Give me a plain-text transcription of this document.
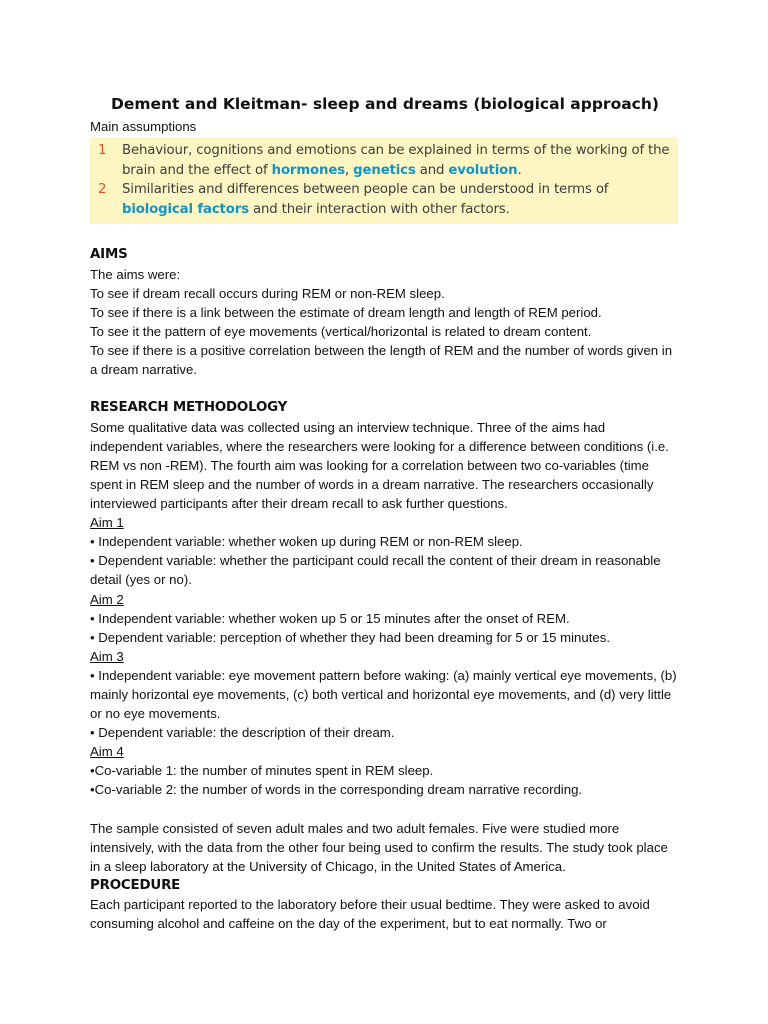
Dement and Kleitman- sleep and dreams (biological approach)

Main assumptions

1	Behaviour, cognitions and emotions can be explained in terms of the working of the brain and the effect of hormones, genetics and evolution.
2	Similarities and differences between people can be understood in terms of biological factors and their interaction with other factors.
AIMS

The aims were:

To see if dream recall occurs during REM or non-REM sleep.

To see if there is a link between the estimate of dream length and length of REM period.

To see it the pattern of eye movements (vertical/horizontal is related to dream content.

To see if there is a positive correlation between the length of REM and the number of words given in a dream narrative.

RESEARCH METHODOLOGY

Some qualitative data was collected using an interview technique. Three of the aims had independent variables, where the researchers were looking for a difference between conditions (i.e. REM vs non -REM). The fourth aim was looking for a correlation between two co-variables (time spent in REM sleep and the number of words in a dream narrative. The researchers occasionally interviewed participants after their dream recall to ask further questions.

Aim 1

• Independent variable: whether woken up during REM or non-REM sleep.

• Dependent variable: whether the participant could recall the content of their dream in reasonable detail (yes or no).

Aim 2

• Independent variable: whether woken up 5 or 15 minutes after the onset of REM.

• Dependent variable: perception of whether they had been dreaming for 5 or 15 minutes.

Aim 3

• Independent variable: eye movement pattern before waking: (a) mainly vertical eye movements, (b) mainly horizontal eye movements, (c) both vertical and horizontal eye movements, and (d) very little or no eye movements.

• Dependent variable: the description of their dream.

Aim 4

•Co-variable 1: the number of minutes spent in REM sleep.

•Co-variable 2: the number of words in the corresponding dream narrative recording.

The sample consisted of seven adult males and two adult females. Five were studied more intensively, with the data from the other four being used to confirm the results. The study took place in a sleep laboratory at the University of Chicago, in the United States of America.

PROCEDURE

Each participant reported to the laboratory before their usual bedtime. They were asked to avoid consuming alcohol and caffeine on the day of the experiment, but to eat normally. Two or
